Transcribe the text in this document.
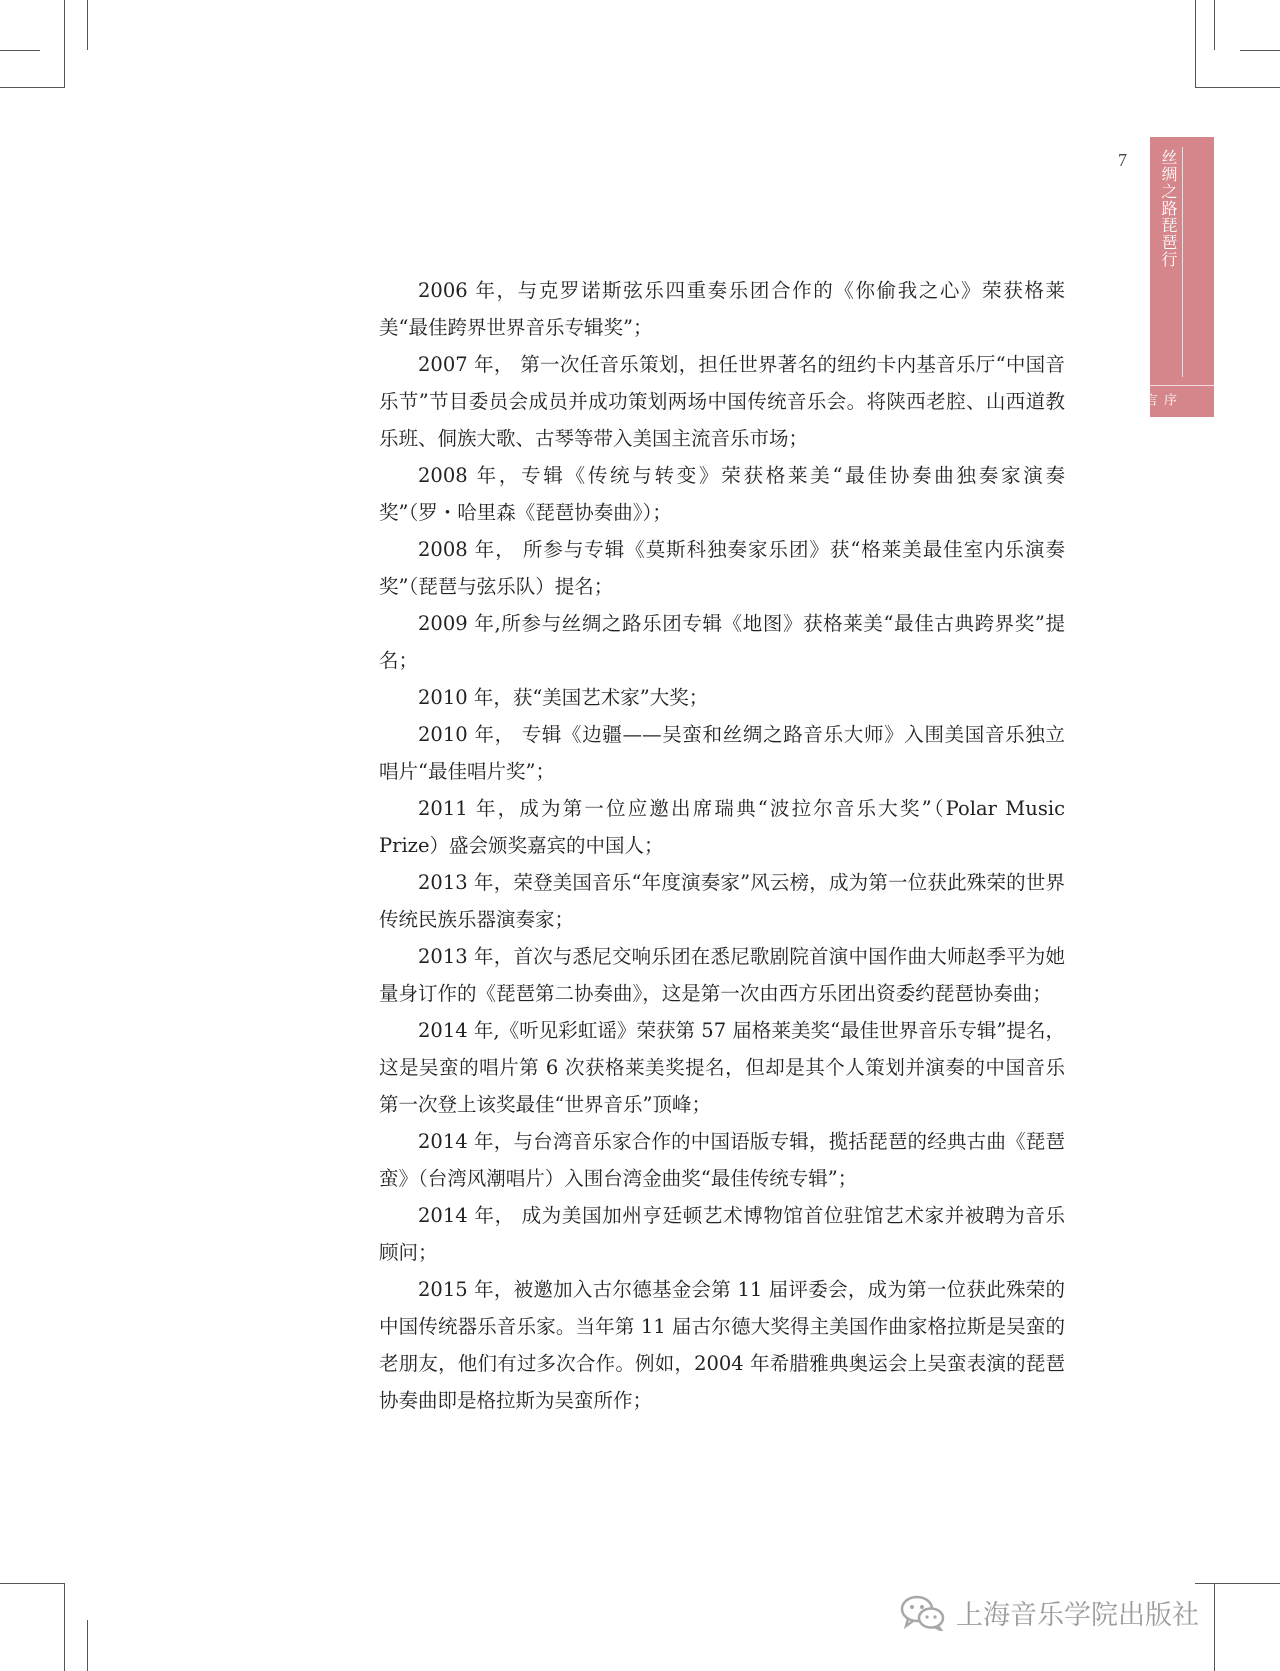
7	丝绸之路琵琶行
序言

2006 年，与克罗诺斯弦乐四重奏乐团合作的《你偷我之心》荣获格莱美“最佳跨界世界音乐专辑奖”；

2007 年， 第一次任音乐策划，担任世界著名的纽约卡内基音乐厅“中国音乐节”节目委员会成员并成功策划两场中国传统音乐会。将陕西老腔、山西道教乐班、侗族大歌、古琴等带入美国主流音乐市场；

2008 年，专辑《传统与转变》荣获格莱美“最佳协奏曲独奏家演奏奖”（罗・哈里森《琵琶协奏曲》）；

2008 年， 所参与专辑《莫斯科独奏家乐团》获“格莱美最佳室内乐演奏奖”（琵琶与弦乐队）提名；

2009 年,所参与丝绸之路乐团专辑《地图》获格莱美“最佳古典跨界奖”提名；

2010 年，获“美国艺术家”大奖；

2010 年， 专辑《边疆——吴蛮和丝绸之路音乐大师》入围美国音乐独立唱片“最佳唱片奖”；

2011 年，成为第一位应邀出席瑞典“波拉尔音乐大奖”（Polar Music Prize）盛会颁奖嘉宾的中国人；

2013 年，荣登美国音乐“年度演奏家”风云榜，成为第一位获此殊荣的世界传统民族乐器演奏家；

2013 年，首次与悉尼交响乐团在悉尼歌剧院首演中国作曲大师赵季平为她量身订作的《琵琶第二协奏曲》，这是第一次由西方乐团出资委约琵琶协奏曲；

2014 年,《听见彩虹谣》荣获第 57 届格莱美奖“最佳世界音乐专辑”提名，这是吴蛮的唱片第 6 次获格莱美奖提名，但却是其个人策划并演奏的中国音乐第一次登上该奖最佳“世界音乐”顶峰；

2014 年，与台湾音乐家合作的中国语版专辑，揽括琵琶的经典古曲《琵琶蛮》（台湾风潮唱片）入围台湾金曲奖“最佳传统专辑”；

2014 年， 成为美国加州亨廷顿艺术博物馆首位驻馆艺术家并被聘为音乐顾问；

2015 年，被邀加入古尔德基金会第 11 届评委会，成为第一位获此殊荣的中国传统器乐音乐家。当年第 11 届古尔德大奖得主美国作曲家格拉斯是吴蛮的老朋友，他们有过多次合作。例如，2004 年希腊雅典奥运会上吴蛮表演的琵琶协奏曲即是格拉斯为吴蛮所作；

上海音乐学院出版社
